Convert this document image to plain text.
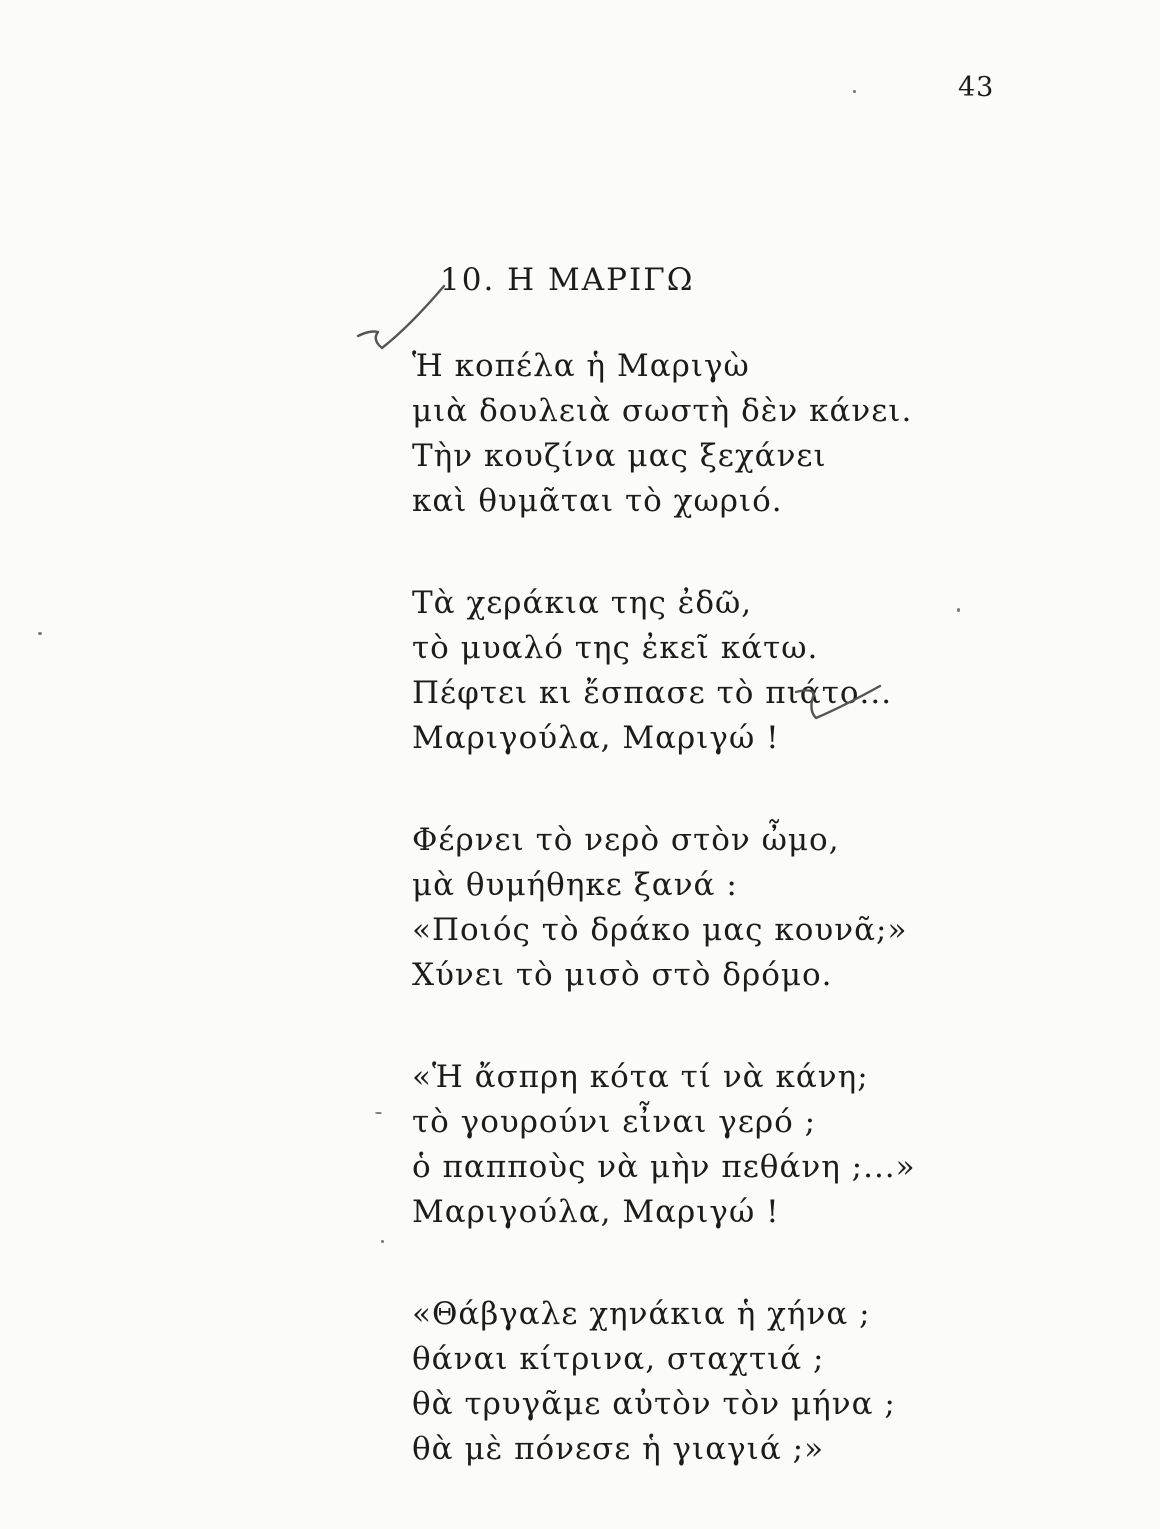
43
10. Η ΜΑΡΙΓΩ
Ἡ κοπέλα ἡ Μαριγὼ
μιὰ δουλειὰ σωστὴ δὲν κάνει.
Τὴν κουζίνα μας ξεχάνει
καὶ θυμᾶται τὸ χωριό.
Τὰ χεράκια της ἐδῶ,
τὸ μυαλό της ἐκεῖ κάτω.
Πέφτει κι ἔσπασε τὸ πιάτο...
Μαριγούλα, Μαριγώ !
Φέρνει τὸ νερὸ στὸν ὦμο,
μὰ θυμήθηκε ξανά :
«Ποιός τὸ δράκο μας κουνᾶ;»
Χύνει τὸ μισὸ στὸ δρόμο.
«Ἡ ἄσπρη κότα τί νὰ κάνη;
τὸ γουρούνι εἶναι γερό ;
ὁ παπποὺς νὰ μὴν πεθάνη ;...»
Μαριγούλα, Μαριγώ !
«Θάβγαλε χηνάκια ἡ χήνα ;
θάναι κίτρινα, σταχτιά ;
θὰ τρυγᾶμε αὐτὸν τὸν μήνα ;
θὰ μὲ πόνεσε ἡ γιαγιά ;»
